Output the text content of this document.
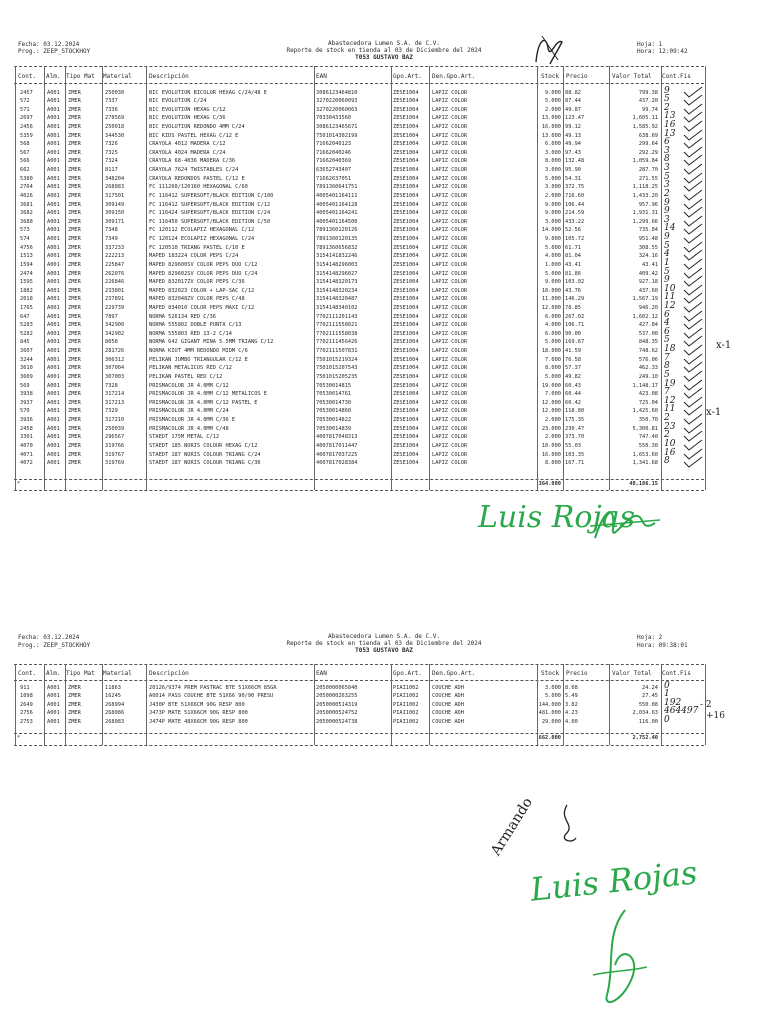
Fecha: 03.12.2024
Prog.: ZEEP_STOCKHOY
Abastecedora Lumen S.A. de C.V.
Reporte de stock en tienda al 03 de Diciembre del 2024
T053 GUSTAVO BAZ
Hoja: 1
Hora: 12:09:42
Cont. Alm. Tipo Mat Material	Descripción	EAN	Gpo.Art. Den.Gpo.Art.	Stock Precio	Valor Total Cont.Fis
2457	A001	ZMER	250030	BIC EVOLUTION BICOLOR HEXAG C/24/48 E	3086123464810	ZESE1004	LAPIZ COLOR	9.000 88.82	799.38 9
572	A001	ZMER	7337	BIC EVOLUTION C/24	3270220060093	ZESE1004	LAPIZ COLOR	5.000 87.44	437.20 5
571	A001	ZMER	7336	BIC EVOLUTION HEXAG C/12	3270220060063	ZESE1004	LAPIZ COLOR	2.000 49.87	99.74 2
2697	A001	ZMER	278569	BIC EVOLUTION HEXAG C/36	70330433560	ZESE1004	LAPIZ COLOR	13.000 123.47	1,605.11 13
2456	A001	ZMER	250018	BIC EVOLUTION REDONDO 4MM C/24	3086123465671	ZESE1004	LAPIZ COLOR	16.000 99.12	1,585.92 16
5359	A001	ZMER	344530	BIC KIDS PASTEL HEXAG C/12 E	7501014302199	ZESE1004	LAPIZ COLOR	13.000 49.13	638.69 13
568	A001	ZMER	7326	CRAYOLA 4012 MADERA C/12	71662040123	ZESE1004	LAPIZ COLOR	6.000 49.94	299.64 6
567	A001	ZMER	7325	CRAYOLA 4024 MADERA C/24	71662040246	ZESE1004	LAPIZ COLOR	3.000 97.43	292.29 3
566	A001	ZMER	7324	CRAYOLA 68-4036 MADERA C/36	71662040369	ZESE1004	LAPIZ COLOR	8.000 132.48	1,059.84 8
662	A001	ZMER	8117	CRAYOLA 7624 TWISTABLES C/24	63652743407	ZESE1004	LAPIZ COLOR	3.000 95.90	287.70 3
5380	A001	ZMER	348204	CRAYOLA REDONDOS PASTEL C/12 E	71662637051	ZESE1004	LAPIZ COLOR	5.000 54.31	271.55 5
2764	A001	ZMER	268083	FC 111260/120160 HEXAGONAL C/60	7891360641751	ZESE1004	LAPIZ COLOR	3.000 372.75	1,118.25 3
4026	A001	ZMER	317501	FC 116412 SUPERSOFT/BLACK EDITION C/100	4005401164111	ZESE1004	LAPIZ COLOR	2.000 716.60	1,433.20 2
3681	A001	ZMER	309149	FC 116412 SUPERSOFT/BLACK EDITION C/12	4005401164128	ZESE1004	LAPIZ COLOR	9.000 106.44	957.96 9
3682	A001	ZMER	309150	FC 116424 SUPERSOFT/BLACK EDITION C/24	4005401164241	ZESE1004	LAPIZ COLOR	9.000 214.59	1,931.31 9
3688	A001	ZMER	309171	FC 116450 SUPERSOFT/BLACK EDITION C/50	4005401164500	ZESE1004	LAPIZ COLOR	3.000 433.22	1,299.66 3
573	A001	ZMER	7348	FC 120112 ECOLAPIZ HEXAGONAL C/12	7891360120126	ZESE1004	LAPIZ COLOR	14.000 52.56	735.84 14
574	A001	ZMER	7349	FC 120124 ECOLAPIZ HEXAGONAL C/24	7891360120135	ZESE1004	LAPIZ COLOR	9.000 105.72	951.48 9
4756	A001	ZMER	337233	FC 120510 TRIANG PASTEL C/10 E	7891360656832	ZESE1004	LAPIZ COLOR	5.000 61.71	308.55 5
1513	A001	ZMER	222213	MAPED 183224 COLOR PEPS C/24	3154141832246	ZESE1004	LAPIZ COLOR	4.000 81.04	324.16 4
1594	A001	ZMER	225847	MAPED 829600SV COLOR PEPS DUO C/12	3154148296003	ZESE1004	LAPIZ COLOR	1.000 43.41	43.41 1
2474	A001	ZMER	262076	MAPED 829602SV COLOR PEPS DUO C/24	3154148296027	ZESE1004	LAPIZ COLOR	5.000 81.86	409.42 5
1595	A001	ZMER	226846	MAPED 832017ZV COLOR PEPS C/36	3154148320173	ZESE1004	LAPIZ COLOR	9.000 103.02	927.18 9
1882	A001	ZMER	233801	MAPED 832023 COLOR + LAP-SAC C/12	3154148320234	ZESE1004	LAPIZ COLOR	10.000 43.76	437.60 10
2018	A001	ZMER	237891	MAPED 832048ZV COLOR PEPS C/48	3154148320487	ZESE1004	LAPIZ COLOR	11.000 146.29	1,567.19 11
1765	A001	ZMER	229739	MAPED 834010 COLOR PEPS MAXI C/12	3154148340102	ZESE1004	LAPIZ COLOR	12.000 78.85	946.20 12
647	A001	ZMER	7897	NORMA 526134 RED C/36	7702111201143	ZESE1004	LAPIZ COLOR	6.000 267.02	1,602.12 6
5283	A001	ZMER	342900	NORMA 555802 DOBLE PUNTA C/13	7702111558021	ZESE1004	LAPIZ COLOR	4.000 106.71	427.84 4
5282	A001	ZMER	342902	NORMA 555803 RED 13-2 C/14	7702111558038	ZESE1004	LAPIZ COLOR	6.000 90.00	537.00 6
845	A001	ZMER	8058	NORMA 642 GIGANT MINA 5.5MM TRIANG C/12	7702111456426	ZESE1004	LAPIZ COLOR	5.000 169.67	848.35 5
3607	A001	ZMER	281726	NORMA KIUT 4MM REDONDO MIDM C/6	7702111507831	ZESE1004	LAPIZ COLOR	18.000 41.59	748.62 18
3244	A001	ZMER	306312	PELIKAN JUMBO TRIANGULAR C/12 E	7501015219324	ZESE1004	LAPIZ COLOR	7.000 76.58	576.06 7
3610	A001	ZMER	307004	PELIKAN METALICOS RED C/12	7501015207543	ZESE1004	LAPIZ COLOR	8.000 57.37	462.33 8
3609	A001	ZMER	307003	PELIKAN PASTEL RED C/12	7501015205235	ZESE1004	LAPIZ COLOR	5.000 49.82	249.10 5
569	A001	ZMER	7328	PRISMACOLOR JR 4.0MM C/12	70530014815	ZESE1004	LAPIZ COLOR	19.000 60.43	1,148.17 19
3938	A001	ZMER	317214	PRISMACOLOR JR 4.0MM C/12 METALICOS E	70530014761	ZESE1004	LAPIZ COLOR	7.000 60.44	423.08 7
3937	A001	ZMER	317213	PRISMACOLOR JR 4.0MM C/12 PASTEL E	70530014730	ZESE1004	LAPIZ COLOR	12.000 60.42	725.04 12
570	A001	ZMER	7329	PRISMACOLOR JR 4.0MM C/24	70530014860	ZESE1004	LAPIZ COLOR	12.000 118.80	1,425.60 11
3936	A001	ZMER	317210	PRISMACOLOR JR 4.0MM C/36 E	70530014822	ZESE1004	LAPIZ COLOR	2.000 175.35	350.70 2
2458	A001	ZMER	250039	PRISMACOLOR JR 4.0MM C/48	70530014839	ZESE1004	LAPIZ COLOR	23.000 230.47	5,300.81 23
3301	A001	ZMER	296567	STAEDT 175M METAL C/12	4007817048313	ZESE1004	LAPIZ COLOR	2.000 373.70	747.40 2
4070	A001	ZMER	319766	STAEDT 185 NORIS COLOUR HEXAG C/12	4007817011447	ZESE1004	LAPIZ COLOR	10.000 55.03	550.30 10
4071	A001	ZMER	319767	STAEDT 187 NORIS COLOUR TRIANG C/24	4007817037225	ZESE1004	LAPIZ COLOR	16.000 103.35	1,653.60 16
4072	A001	ZMER	319769	STAEDT 187 NORIS COLOUR TRIANG C/36	4007817028384	ZESE1004	LAPIZ COLOR	8.000 167.71	1,341.68 8
*	364.000	40,186.15
Luis Rojas
x-1
x-1
Fecha: 03.12.2024
Prog.: ZEEP_STOCKHOY
Abastecedora Lumen S.A. de C.V.
Reporte de stock en tienda al 03 de Diciembre del 2024
T053 GUSTAVO BAZ
Hoja: 2
Hora: 09:38:01
Cont. Alm. Tipo Mat Material	Descripción	EAN	Gpo.Art. Den.Gpo.Art.	Stock Precio	Valor Total Cont.Fis
911	A001	ZMER	11863	20126/9374 PREM PASTRAC BTE 51X66CM 85GR	2050000065040	PIAI1002	COUCHE ADH	3.000 8.08	24.24 0
1098	A001	ZMER	16245	A0014 PASS COUCHE BTE 51X66 90/90 PRESU	2050000263255	PIAI1002	COUCHE ADH	5.000 5.49	27.45 1
2649	A001	ZMER	268994	J430P BTE 51X66CM 90G RESP 800	2050000514319	PIAI1002	COUCHE ADH	144.000 3.82	550.08 192
2756	A001	ZMER	268086	J473P MATE 51X66CM 90G RESP 800	2050000524752	PIAI1002	COUCHE ADH	481.000 4.23	2,034.63 464497
2753	A001	ZMER	268083	J474P MATE 48X66CM 90G RESP 800	2050000524738	PIAI1002	COUCHE ADH	29.000 4.00	116.00 0
*	662.000	2,752.40
- 2
+16
Armando
Luis Rojas
